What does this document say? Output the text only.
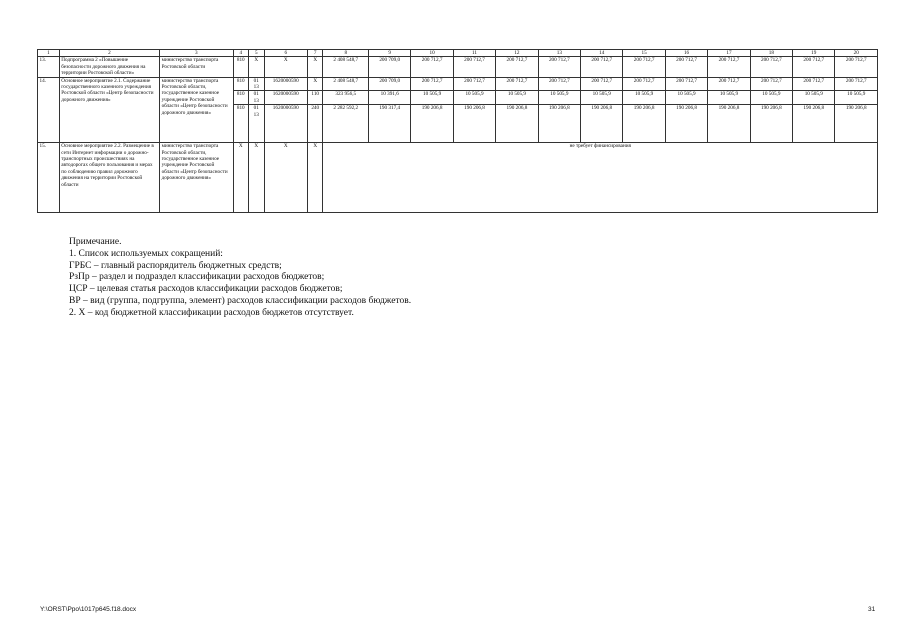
1	2	3	4	5	6	7	8	9	10	11	12	13	14	15	16	17	18	19	20
13.	Подпрограмма 2 «Повышение безопасности дорожного движения на территории Ростовской области»	министерство транспорта Ростовской области	810	X	X	X	2 408 548,7	200 709,0	200 712,7	200 712,7	200 712,7	200 712,7	200 712,7	200 712,7	200 712,7	200 712,7	200 712,7	200 712,7	200 712,7
14.	Основное мероприятие 2.1. Содержание государственного казенного учреждения Ростовской области «Центр безопасности дорожного движения»	министерство транспорта Ростовской области, государственное казенное учреждение Ростовской области «Центр безопасности дорожного движения»	810	01 13	1620000590	X	2 408 548,7	200 709,0	200 712,7	200 712,7	200 712,7	200 712,7	200 712,7	200 712,7	200 712,7	200 712,7	200 712,7	200 712,7	200 712,7
			810	01 13	1620000590	110	323 956,5	10 391,6	10 505,9	10 505,9	10 505,9	10 505,9	10 505,9	10 505,9	10 505,9	10 505,9	10 505,9	10 505,9	10 505,9
			810	01 13	1620000590	240	2 282 592,2	190 317,4	190 206,8	190 206,8	190 206,8	190 206,8	190 206,8	190 206,8	190 206,8	190 206,8	190 206,8	190 206,8	190 206,8
15.	Основное мероприятие 2.2. Размещение в сети Интернет информации о дорожно-транспортных происшествиях на автодорогах общего пользования и мерах по соблюдению правил дорожного движения на территории Ростовской области	министерство транспорта Ростовской области, государственное казенное учреждение Ростовской области «Центр безопасности дорожного движения»	X	X	X	X	не требует финансирования												
Примечание.
1. Список используемых сокращений:
ГРБС – главный распорядитель бюджетных средств;
РзПр – раздел и подраздел классификации расходов бюджетов;
ЦСР – целевая статья расходов классификации расходов бюджетов;
ВР – вид (группа, подгруппа, элемент) расходов классификации расходов бюджетов.
2. Х – код бюджетной классификации расходов бюджетов отсутствует.
Y:\ORST\Ppo\1017p645.f18.docx	31
